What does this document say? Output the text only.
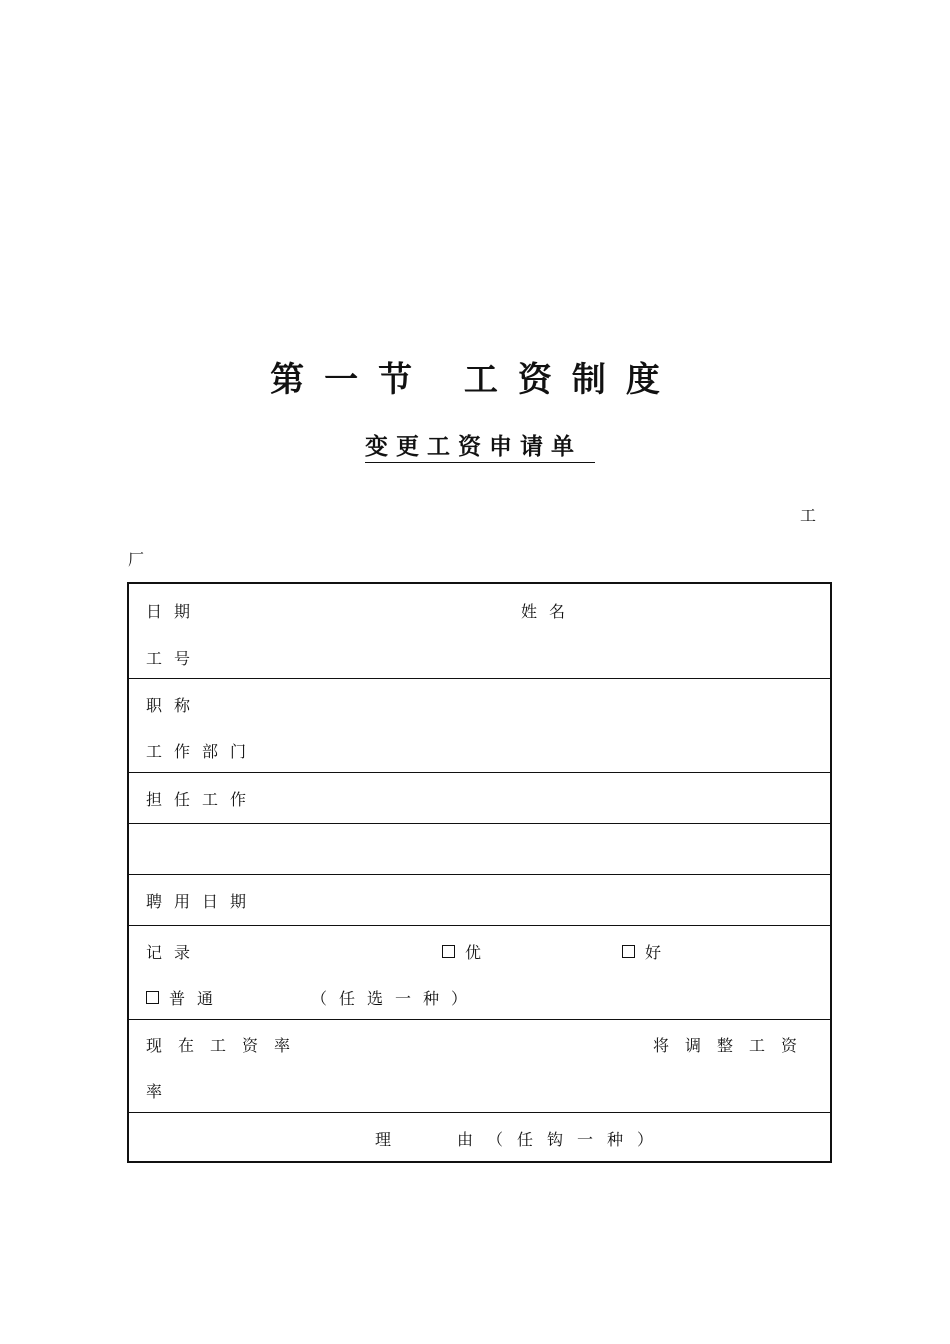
第一节 工资制度
变更工资申请单
工
厂
日期	姓名
工号
职称
工作部门
担任工作
聘用日期
记录	优	好
普通	（任选一种）
现在工资率	将调整工资
率
理	由（任钩一种）
